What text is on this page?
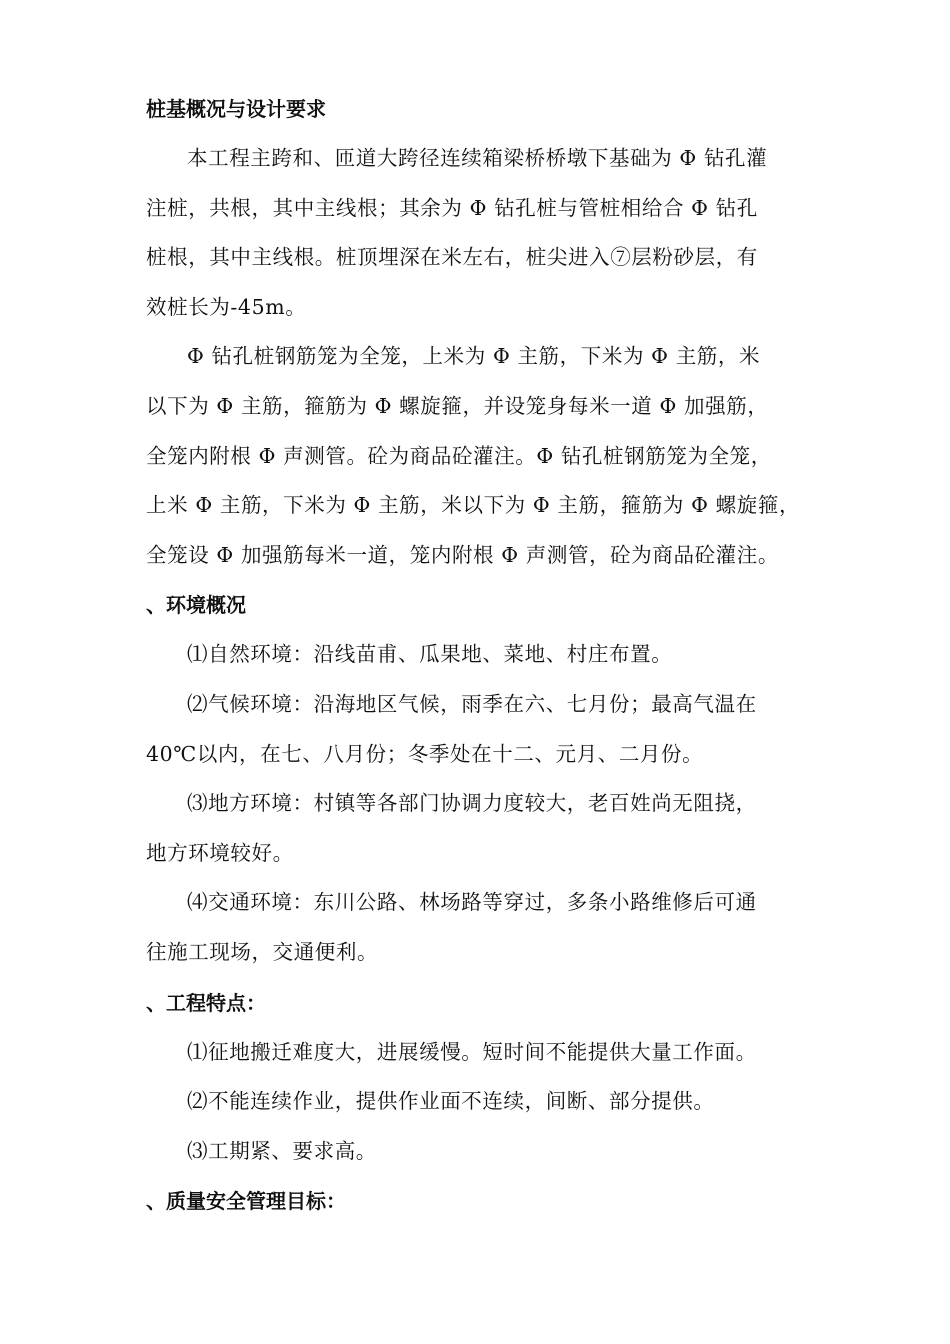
桩基概况与设计要求
本工程主跨和、匝道大跨径连续箱梁桥桥墩下基础为 Φ 钻孔灌
注桩，共根，其中主线根；其余为 Φ 钻孔桩与管桩相给合 Φ 钻孔
桩根，其中主线根。桩顶埋深在米左右，桩尖进入⑦层粉砂层，有
效桩长为-45m。
Φ 钻孔桩钢筋笼为全笼，上米为 Φ 主筋，下米为 Φ 主筋，米
以下为 Φ 主筋，箍筋为 Φ 螺旋箍，并设笼身每米一道 Φ 加强筋，
全笼内附根 Φ 声测管。砼为商品砼灌注。Φ 钻孔桩钢筋笼为全笼，
上米 Φ 主筋，下米为 Φ 主筋，米以下为 Φ 主筋，箍筋为 Φ 螺旋箍，
全笼设 Φ 加强筋每米一道，笼内附根 Φ 声测管，砼为商品砼灌注。
、环境概况
⑴自然环境：沿线苗甫、瓜果地、菜地、村庄布置。
⑵气候环境：沿海地区气候，雨季在六、七月份；最高气温在
40℃以内，在七、八月份；冬季处在十二、元月、二月份。
⑶地方环境：村镇等各部门协调力度较大，老百姓尚无阻挠，
地方环境较好。
⑷交通环境：东川公路、林场路等穿过，多条小路维修后可通
往施工现场，交通便利。
、工程特点：
⑴征地搬迁难度大，进展缓慢。短时间不能提供大量工作面。
⑵不能连续作业，提供作业面不连续，间断、部分提供。
⑶工期紧、要求高。
、质量安全管理目标：
